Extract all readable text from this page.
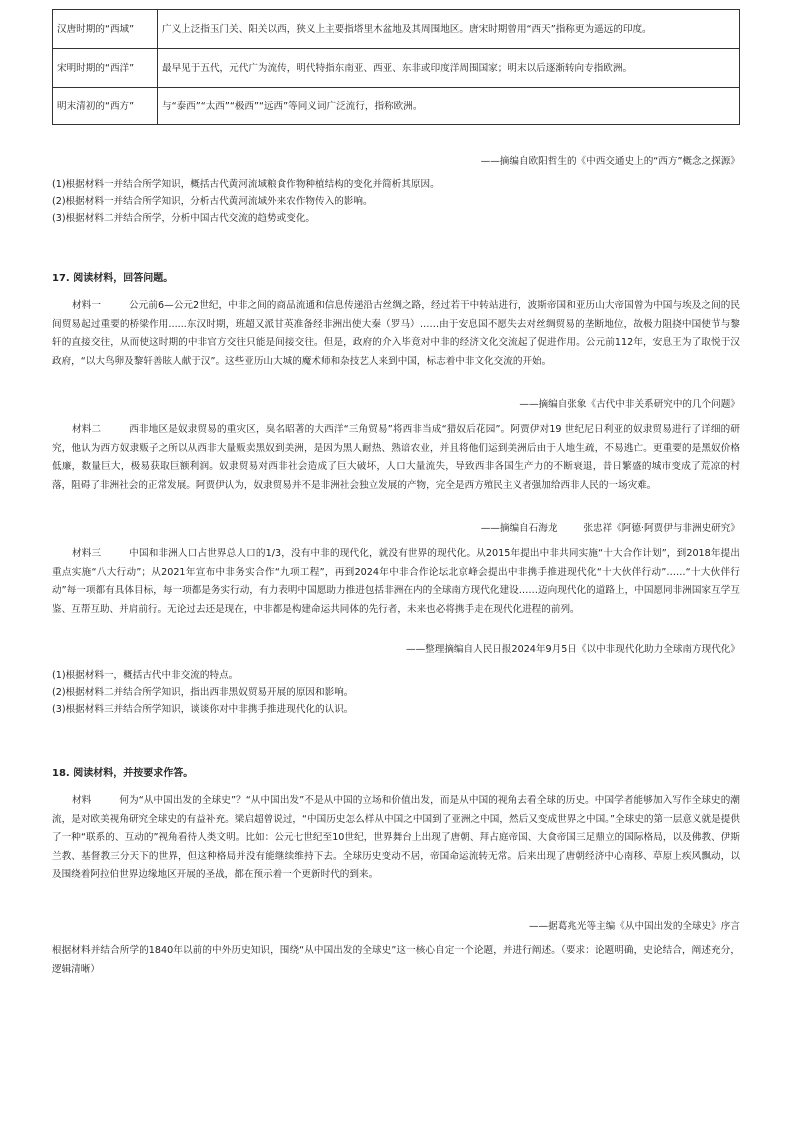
汉唐时期的“西域”	广义上泛指玉门关、阳关以西，狭义上主要指塔里木盆地及其周围地区。唐宋时期曾用“西天”指称更为遥远的印度。
宋明时期的“西洋”	最早见于五代，元代广为流传，明代特指东南亚、西亚、东非或印度洋周围国家；明末以后逐渐转向专指欧洲。
明末清初的“西方”	与“泰西”“太西”“极西”“远西”等同义词广泛流行，指称欧洲。
——摘编自欧阳哲生的《中西交通史上的“西方”概念之探源》
(1)根据材料一并结合所学知识，概括古代黄河流域粮食作物种植结构的变化并简析其原因。
(2)根据材料一并结合所学知识，分析古代黄河流域外来农作物传入的影响。
(3)根据材料二并结合所学，分析中国古代交流的趋势或变化。
17. 阅读材料，回答问题。

材料一	公元前6—公元2世纪，中非之间的商品流通和信息传递沿古丝绸之路，经过若干中转站进行，波斯帝国和亚历山大帝国曾为中国与埃及之间的民间贸易起过重要的桥梁作用......东汉时期，班超又派甘英准备经非洲出使大秦（罗马）……由于安息国不愿失去对丝绸贸易的垄断地位，故极力阻挠中国使节与黎轩的直接交往，从而使这时期的中非官方交往只能是间接交往。但是，政府的介入毕竟对中非的经济文化交流起了促进作用。公元前112年，安息王为了取悦于汉政府，“以大鸟卵及黎轩善眩人献于汉”。这些亚历山大城的魔术师和杂技艺人来到中国，标志着中非文化交流的开始。

——摘编自张象《古代中非关系研究中的几个问题》

材料二	西非地区是奴隶贸易的重灾区，臭名昭著的大西洋“三角贸易”将西非当成“猎奴后花园”。阿贾伊对19 世纪尼日利亚的奴隶贸易进行了详细的研究，他认为西方奴隶贩子之所以从西非大量贩卖黑奴到美洲，是因为黑人耐热、熟谙农业，并且将他们运到美洲后由于人地生疏，不易逃亡。更重要的是黑奴价格低廉，数量巨大，极易获取巨额利润。奴隶贸易对西非社会造成了巨大破坏，人口大量流失，导致西非各国生产力的不断衰退，昔日繁盛的城市变成了荒凉的村落，阻碍了非洲社会的正常发展。阿贾伊认为，奴隶贸易并不是非洲社会独立发展的产物，完全是西方殖民主义者强加给西非人民的一场灾难。

——摘编自石海龙	张忠祥《阿德·阿贾伊与非洲史研究》

材料三	中国和非洲人口占世界总人口的1/3，没有中非的现代化，就没有世界的现代化。从2015年提出中非共同实施“十大合作计划”，到2018年提出重点实施“八大行动”；从2021年宣布中非务实合作“九项工程”，再到2024年中非合作论坛北京峰会提出中非携手推进现代化“十大伙伴行动”……“十大伙伴行动”每一项都有具体目标，每一项都是务实行动，有力表明中国愿助力推进包括非洲在内的全球南方现代化建设……迈向现代化的道路上，中国愿同非洲国家互学互鉴、互帮互助、并肩前行。无论过去还是现在，中非都是构建命运共同体的先行者，未来也必将携手走在现代化进程的前列。

——整理摘编自人民日报2024年9月5日《以中非现代化助力全球南方现代化》
(1)根据材料一，概括古代中非交流的特点。
(2)根据材料二并结合所学知识，指出西非黑奴贸易开展的原因和影响。
(3)根据材料三并结合所学知识，谈谈你对中非携手推进现代化的认识。
18. 阅读材料，并按要求作答。

材料	何为“从中国出发的全球史”？“从中国出发”不是从中国的立场和价值出发，而是从中国的视角去看全球的历史。中国学者能够加入写作全球史的潮流，是对欧美视角研究全球史的有益补充。梁启超曾说过，“中国历史怎么样从中国之中国到了亚洲之中国，然后又变成世界之中国。”全球史的第一层意义就是提供了一种“联系的、互动的”视角看待人类文明。比如：公元七世纪至10世纪，世界舞台上出现了唐朝、拜占庭帝国、大食帝国三足鼎立的国际格局，以及佛教、伊斯兰教、基督教三分天下的世界，但这种格局并没有能继续维持下去。全球历史变动不居，帝国命运流转无常。后来出现了唐朝经济中心南移、草原上疾风飘动，以及围绕着阿拉伯世界边缘地区开展的圣战，都在预示着一个更新时代的到来。

——据葛兆光等主编《从中国出发的全球史》序言

根据材料并结合所学的1840年以前的中外历史知识，围绕“从中国出发的全球史”这一核心自定一个论题，并进行阐述。（要求：论题明确，史论结合，阐述充分，逻辑清晰）
